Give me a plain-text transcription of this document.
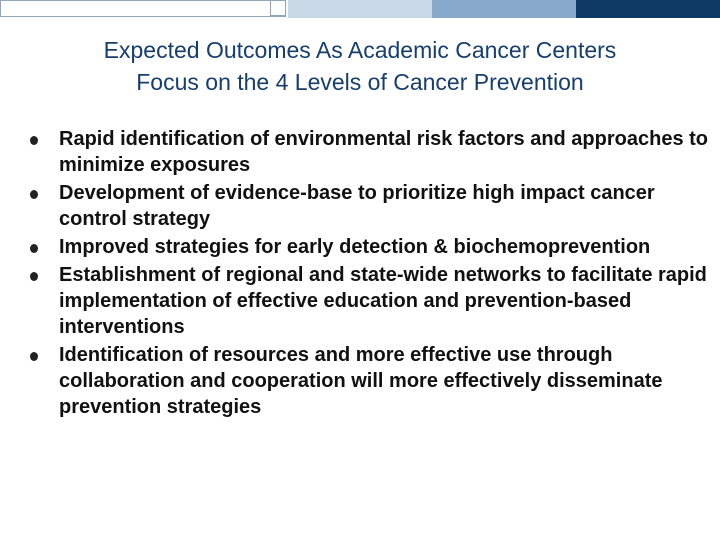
Expected Outcomes As Academic Cancer Centers
Focus on the 4 Levels of Cancer Prevention
Rapid identification of environmental risk factors and approaches to minimize exposures
Development of evidence-base to prioritize high impact cancer control strategy
Improved strategies for early detection & biochemoprevention
Establishment of regional and state-wide networks to facilitate rapid implementation of effective education and prevention-based interventions
Identification of resources and more effective use through collaboration and cooperation will more effectively disseminate prevention strategies
